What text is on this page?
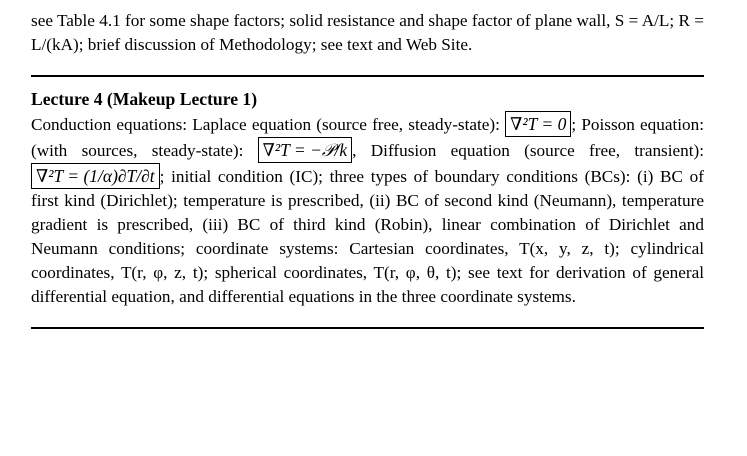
see Table 4.1 for some shape factors; solid resistance and shape factor of plane wall, S = A/L; R = L/(kA); brief discussion of Methodology; see text and Web Site.

Lecture 4 (Makeup Lecture 1)

Conduction equations: Laplace equation (source free, steady-state): ∇²T = 0 ; Poisson equation: (with sources, steady-state): ∇²T = −𝒫/k , Diffusion equation (source free, transient): ∇²T = (1/α)∂T/∂t ; initial condition (IC); three types of boundary conditions (BCs): (i) BC of first kind (Dirichlet); temperature is prescribed, (ii) BC of second kind (Neumann), temperature gradient is prescribed, (iii) BC of third kind (Robin), linear combination of Dirichlet and Neumann conditions; coordinate systems: Cartesian coordinates, T(x, y, z, t); cylindrical coordinates, T(r, φ, z, t); spherical coordinates, T(r, φ, θ, t); see text for derivation of general differential equation, and differential equations in the three coordinate systems.
